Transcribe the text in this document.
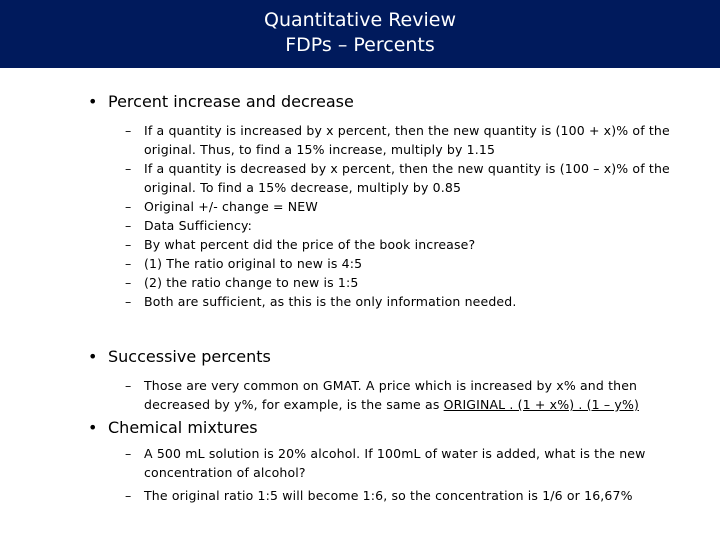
Quantitative Review
FDPs – Percents
• Percent increase and decrease
– If a quantity is increased by x percent, then the new quantity is (100 + x)% of the original. Thus, to find a 15% increase, multiply by 1.15
– If a quantity is decreased by x percent, then the new quantity is (100 – x)% of the original. To find a 15% decrease, multiply by 0.85
– Original +/- change = NEW
– Data Sufficiency:
– By what percent did the price of the book increase?
– (1) The ratio original to new is 4:5
– (2) the ratio change to new is 1:5
– Both are sufficient, as this is the only information needed.
• Successive percents
– Those are very common on GMAT. A price which is increased by x% and then decreased by y%, for example, is the same as ORIGINAL . (1 + x%) . (1 – y%)
• Chemical mixtures
– A 500 mL solution is 20% alcohol. If 100mL of water is added, what is the new concentration of alcohol?
– The original ratio 1:5 will become 1:6, so the concentration is 1/6 or 16,67%
